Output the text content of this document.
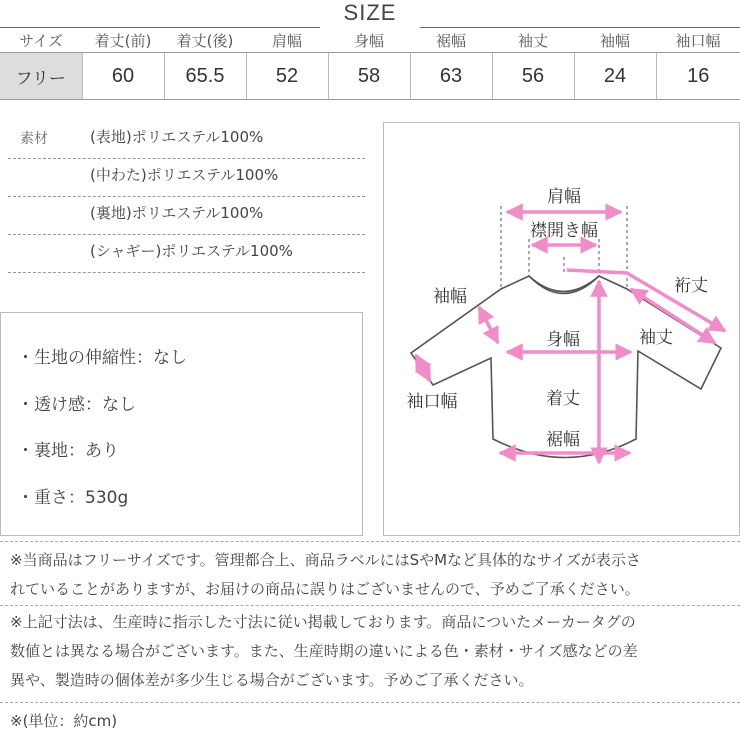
SIZE
サイズ	着丈(前)	着丈(後)	肩幅	身幅	裾幅	袖丈	袖幅	袖口幅
フリー	60	65.5	52	58	63	56	24	16
素材	(表地)ポリエステル100%
(中わた)ポリエステル100%
(裏地)ポリエステル100%
(シャギー)ポリエステル100%
・生地の伸縮性：なし
・透け感：なし
・裏地：あり
・重さ：530g
肩幅
襟開き幅
裄丈
袖幅
袖丈
身幅
袖口幅	着丈
裾幅
※当商品はフリーサイズです。管理都合上、商品ラベルにはSやMなど具体的なサイズが表示さ
れていることがありますが、お届けの商品に誤りはございませんので、予めご了承ください。
※上記寸法は、生産時に指示した寸法に従い掲載しております。商品についたメーカータグの
数値とは異なる場合がございます。また、生産時期の違いによる色・素材・サイズ感などの差
異や、製造時の個体差が多少生じる場合がございます。予めご了承ください。
※(単位：約cm)
